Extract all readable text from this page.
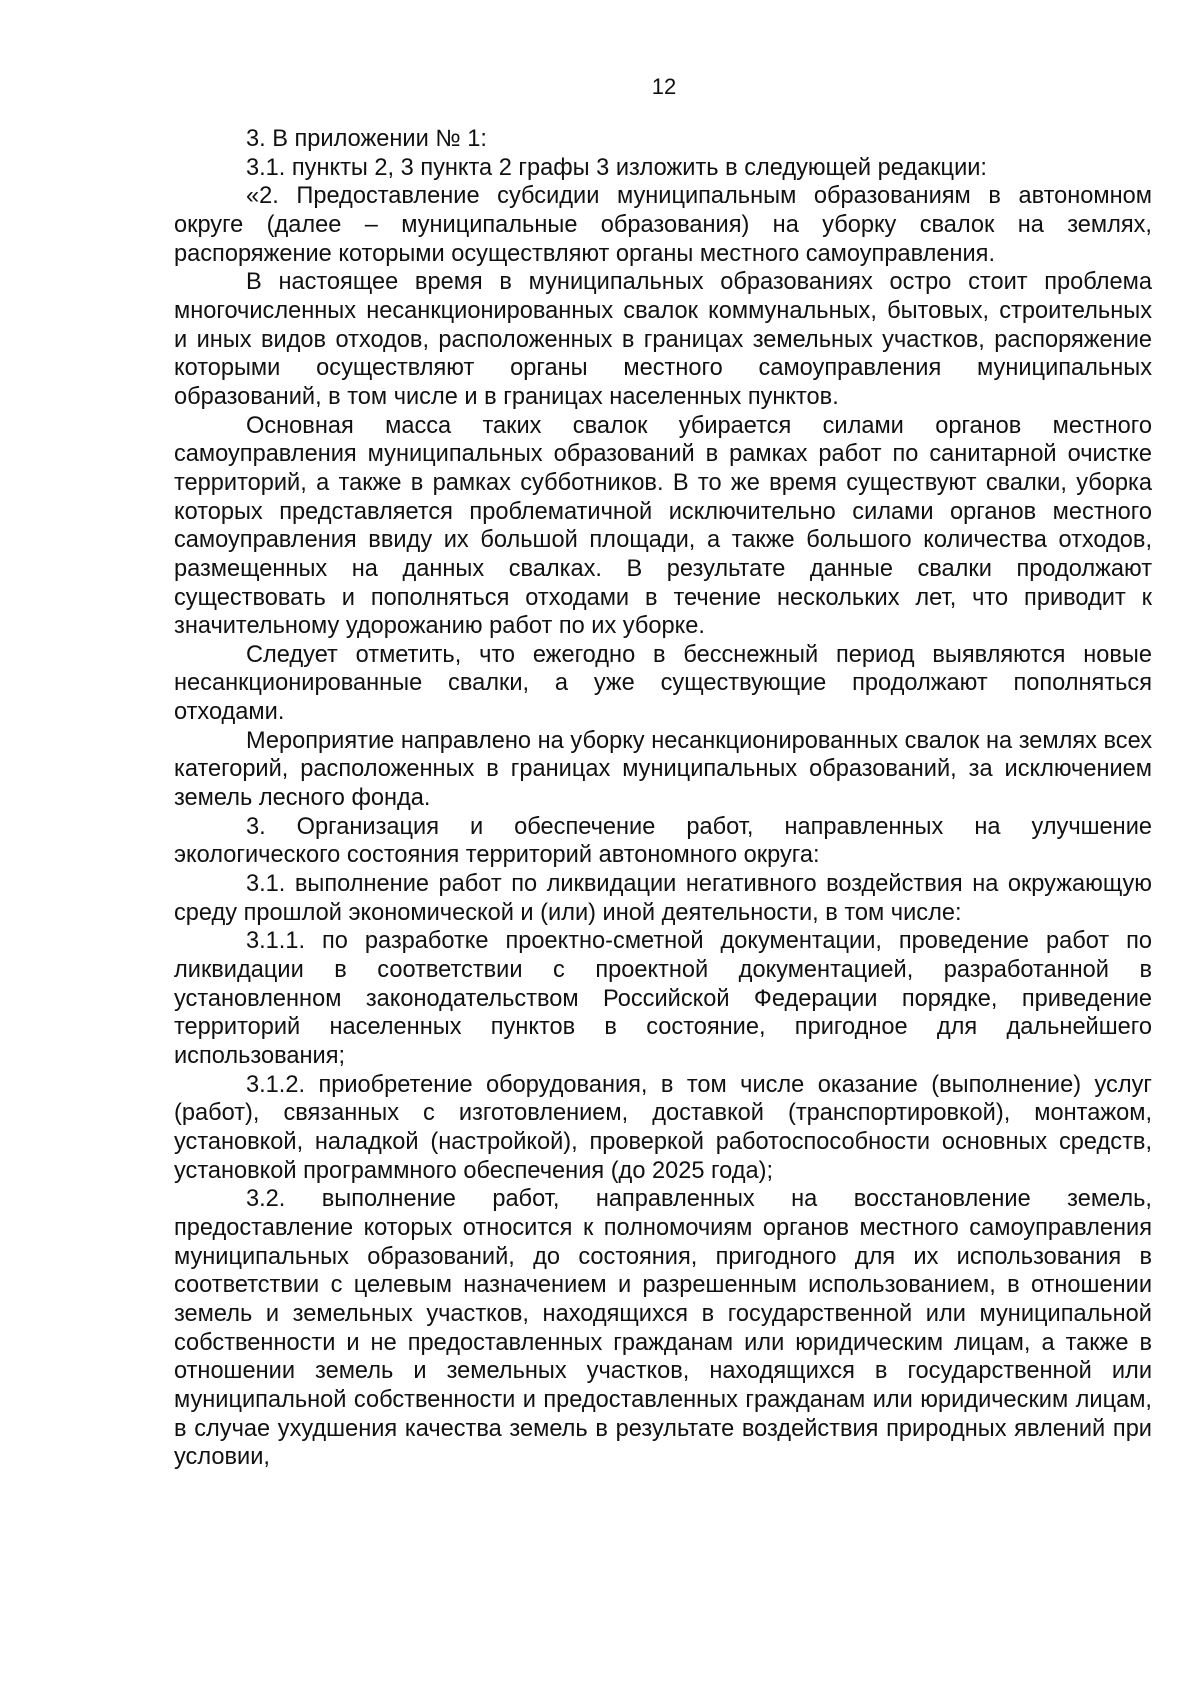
12

3. В приложении № 1:

3.1. пункты 2, 3 пункта 2 графы 3 изложить в следующей редакции:

«2. Предоставление субсидии муниципальным образованиям в автономном округе (далее – муниципальные образования) на уборку свалок на землях, распоряжение которыми осуществляют органы местного самоуправления.

В настоящее время в муниципальных образованиях остро стоит проблема многочисленных несанкционированных свалок коммунальных, бытовых, строительных и иных видов отходов, расположенных в границах земельных участков, распоряжение которыми осуществляют органы местного самоуправления муниципальных образований, в том числе и в границах населенных пунктов.

Основная масса таких свалок убирается силами органов местного самоуправления муниципальных образований в рамках работ по санитарной очистке территорий, а также в рамках субботников. В то же время существуют свалки, уборка которых представляется проблематичной исключительно силами органов местного самоуправления ввиду их большой площади, а также большого количества отходов, размещенных на данных свалках. В результате данные свалки продолжают существовать и пополняться отходами в течение нескольких лет, что приводит к значительному удорожанию работ по их уборке.

Следует отметить, что ежегодно в бесснежный период выявляются новые несанкционированные свалки, а уже существующие продолжают пополняться отходами.

Мероприятие направлено на уборку несанкционированных свалок на землях всех категорий, расположенных в границах муниципальных образований, за исключением земель лесного фонда.

3. Организация и обеспечение работ, направленных на улучшение экологического состояния территорий автономного округа:

3.1. выполнение работ по ликвидации негативного воздействия на окружающую среду прошлой экономической и (или) иной деятельности, в том числе:

3.1.1. по разработке проектно-сметной документации, проведение работ по ликвидации в соответствии с проектной документацией, разработанной в установленном законодательством Российской Федерации порядке, приведение территорий населенных пунктов в состояние, пригодное для дальнейшего использования;

3.1.2. приобретение оборудования, в том числе оказание (выполнение) услуг (работ), связанных с изготовлением, доставкой (транспортировкой), монтажом, установкой, наладкой (настройкой), проверкой работоспособности основных средств, установкой программного обеспечения (до 2025 года);

3.2. выполнение работ, направленных на восстановление земель, предоставление которых относится к полномочиям органов местного самоуправления муниципальных образований, до состояния, пригодного для их использования в соответствии с целевым назначением и разрешенным использованием, в отношении земель и земельных участков, находящихся в государственной или муниципальной собственности и не предоставленных гражданам или юридическим лицам, а также в отношении земель и земельных участков, находящихся в государственной или муниципальной собственности и предоставленных гражданам или юридическим лицам, в случае ухудшения качества земель в результате воздействия природных явлений при условии,
